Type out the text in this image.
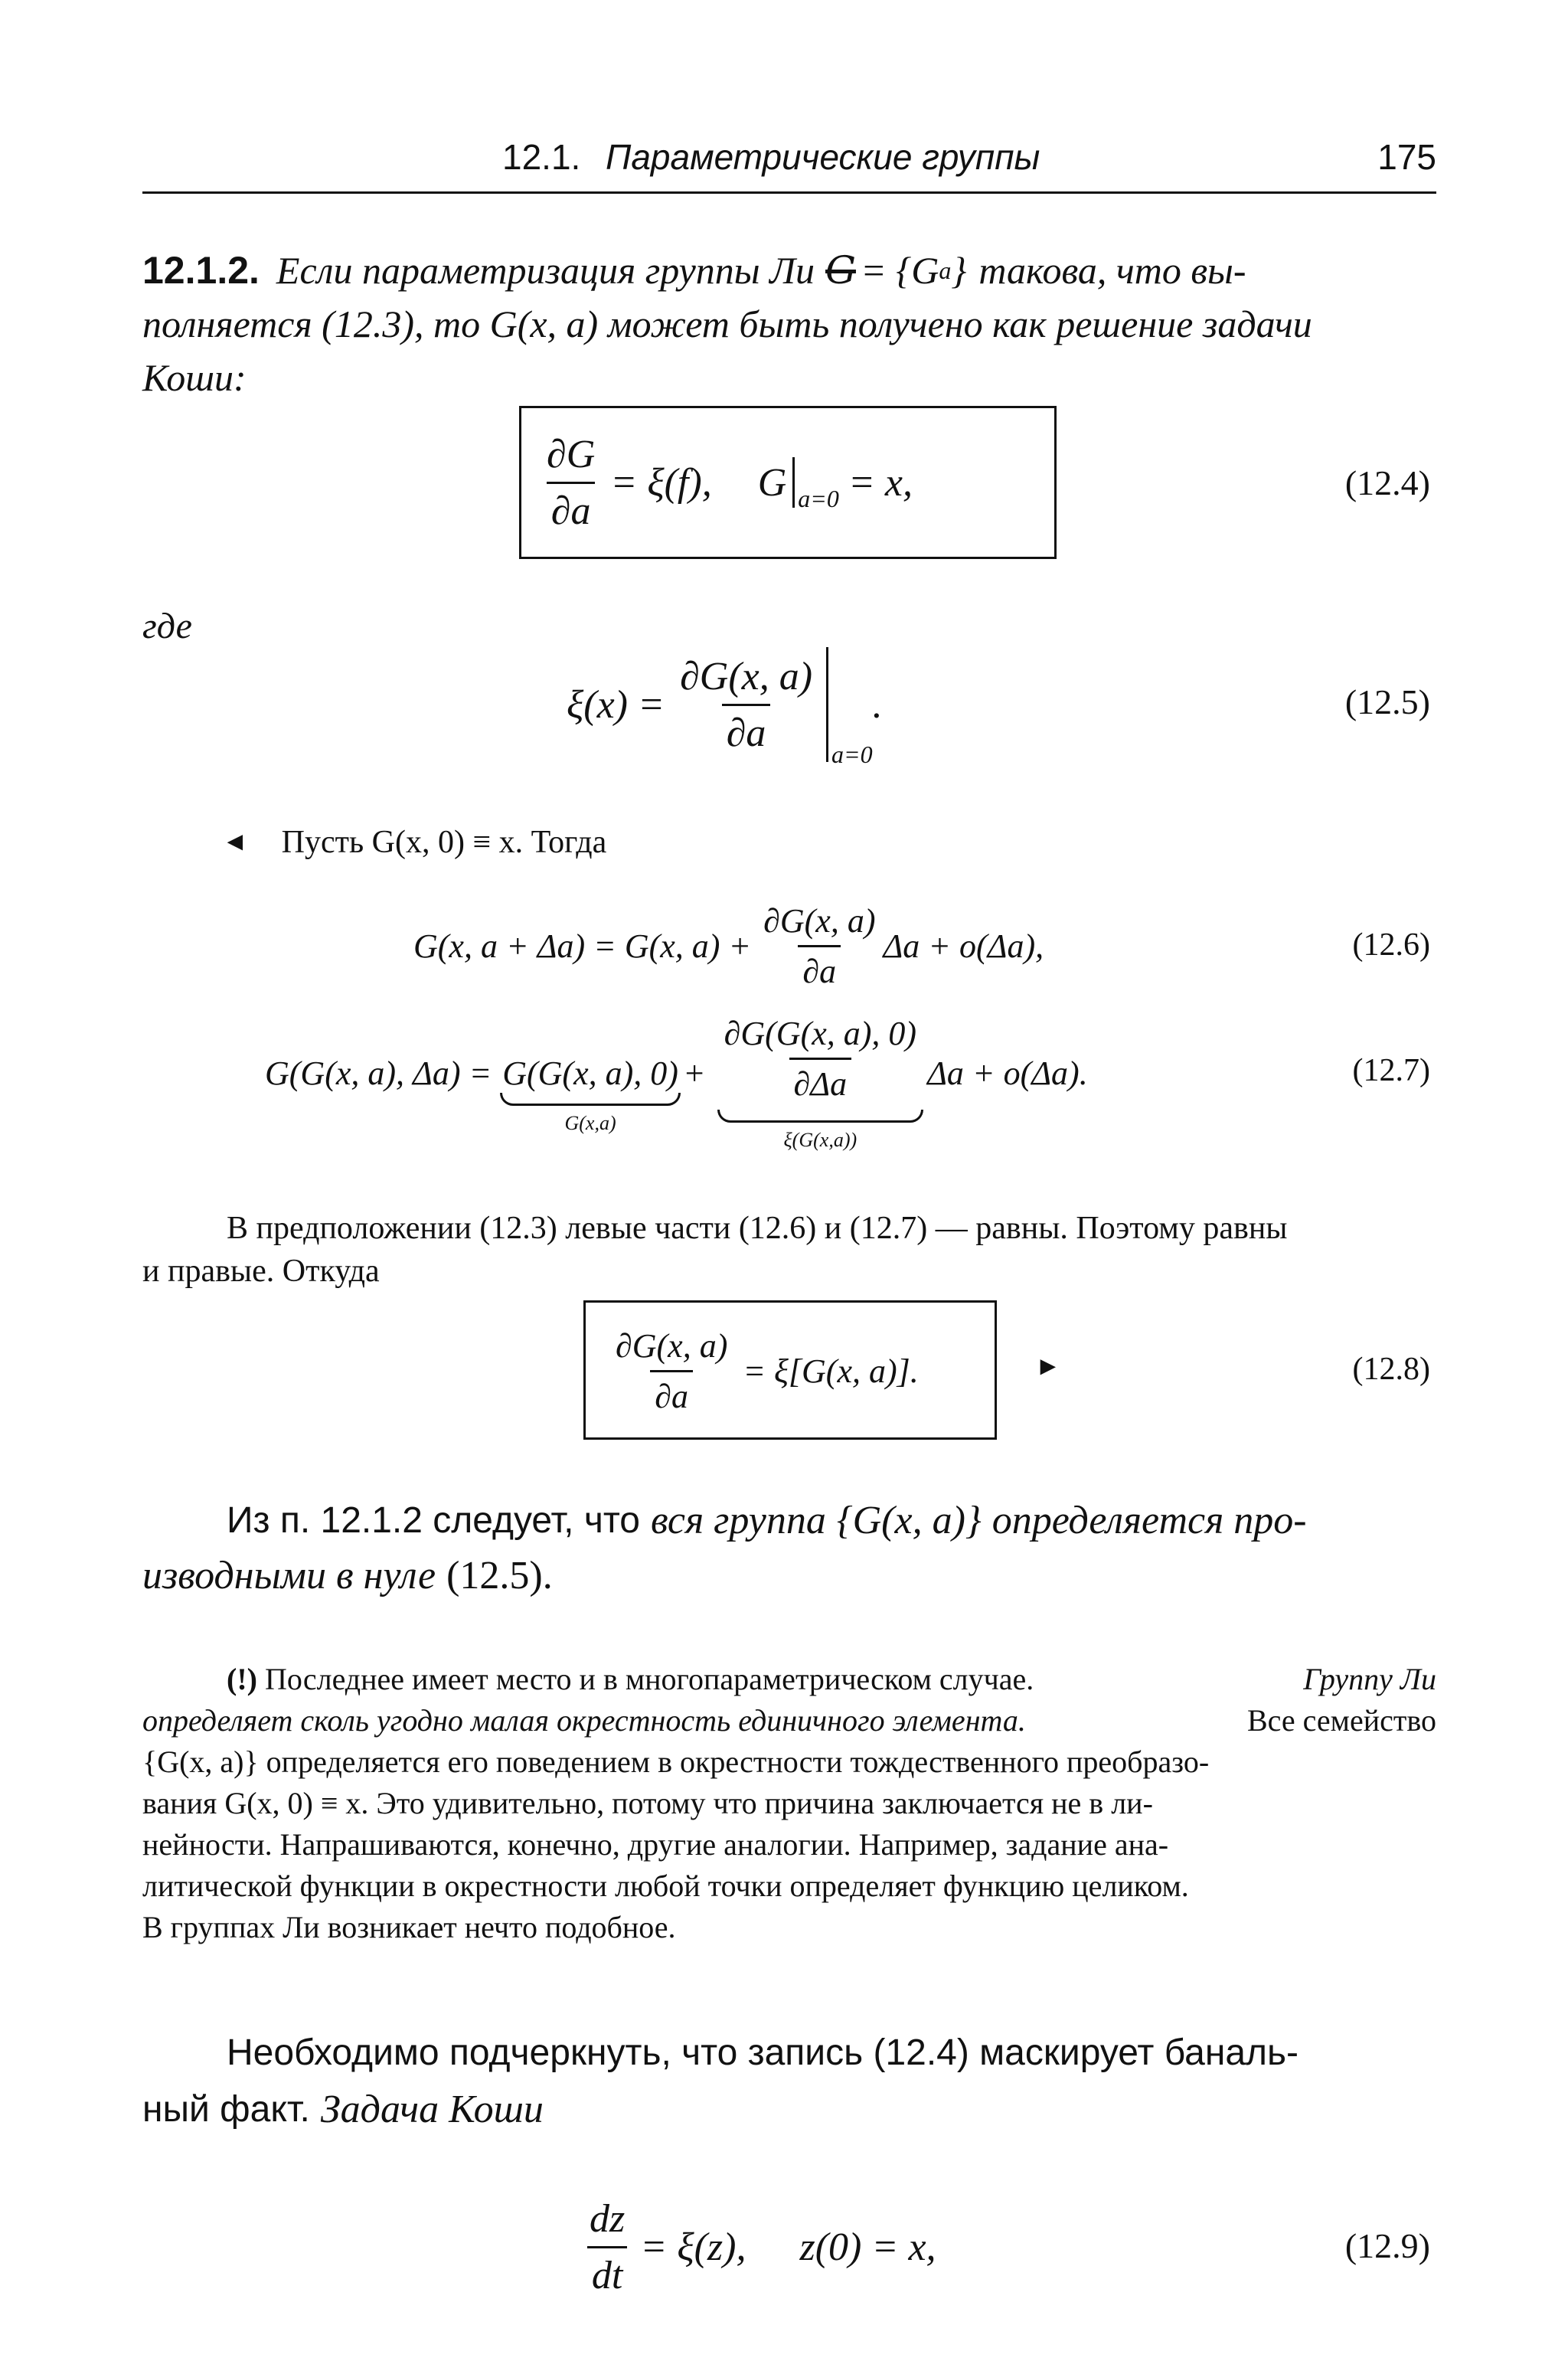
12.1. Параметрические группы	175
12.1.2. Если параметризация группы Ли G = {G a } такова, что вы-
полняется (12.3), то G(x, a) может быть получено как решение задачи
Коши:
$\frac{\partial G}{\partial a} = \xi(f)$, G a=0 = x,	(12.4)
где
$\xi(x) = \frac{\partial G(x, a)}{\partial a} a=0$
.	(12.5)
◄ Пусть G(x, 0) ≡ x. Тогда
G(x, a + Δa) = G(x, $a) + \frac{\partial G(x, a)}{\partial a}$ Δa + o(Δa),	(12.6)
G(G(x, a), Δa) = G(G(x, a), 0)
G(x,a)
+ $\frac{\partial G(G(x, a), 0)}{\partial\Delta a}$
ξ(G(x,a))
Δa + o(Δa).	(12.7)
В предположении (12.3) левые части (12.6) и (12.7) — равны. Поэтому равны
и правые. Откуда
$\frac{\partial G(x, a)}{\partial a} = \xi[G(x$, a)].	►	(12.8)
Из п. 12.1.2 следует, что вся группа {G(x, a)} определяется про-
изводными в нуле (12.5).
(!) Последнее имеет место и в многопараметрическом случае.	Группу Ли
определяет сколь угодно малая окрестность единичного элемента.	Все семейство
{G(x, a)} определяется его поведением в окрестности тождественного преобразо-
вания G(x, 0) ≡ x. Это удивительно, потому что причина заключается не в ли-
нейности. Напрашиваются, конечно, другие аналогии. Например, задание ана-
литической функции в окрестности любой точки определяет функцию целиком.
В группах Ли возникает нечто подобное.
Необходимо подчеркнуть, что запись (12.4) маскирует баналь-
ный факт. Задача Коши
$\frac{dz}{dt} = \xi(z)$, z(0) = x,	(12.9)
